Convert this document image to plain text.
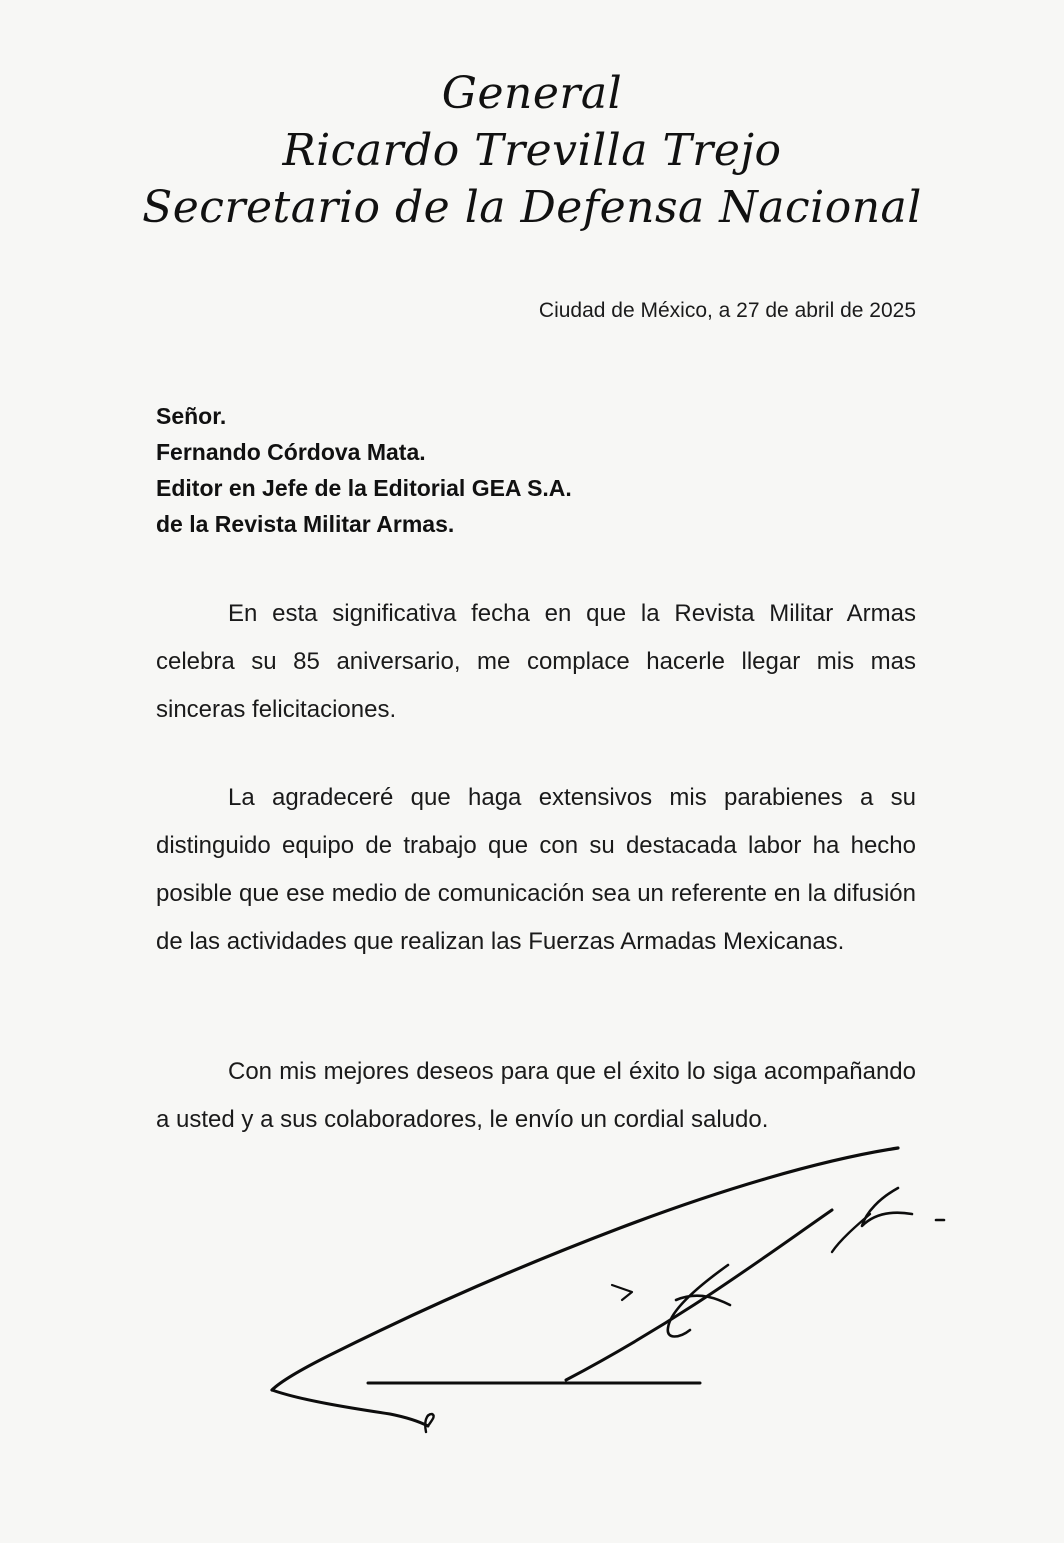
General
Ricardo Trevilla Trejo
Secretario de la Defensa Nacional
Ciudad de México, a 27 de abril de 2025
Señor.
Fernando Córdova Mata.
Editor en Jefe de la Editorial GEA S.A.
de la Revista Militar Armas.
En esta significativa fecha en que la Revista Militar Armas celebra su 85 aniversario, me complace hacerle llegar mis mas sinceras felicitaciones.
La agradeceré que haga extensivos mis parabienes a su distinguido equipo de trabajo que con su destacada labor ha hecho posible que ese medio de comunicación sea un referente en la difusión de las actividades que realizan las Fuerzas Armadas Mexicanas.
Con mis mejores deseos para que el éxito lo siga acompañando a usted y a sus colaboradores, le envío un cordial saludo.
